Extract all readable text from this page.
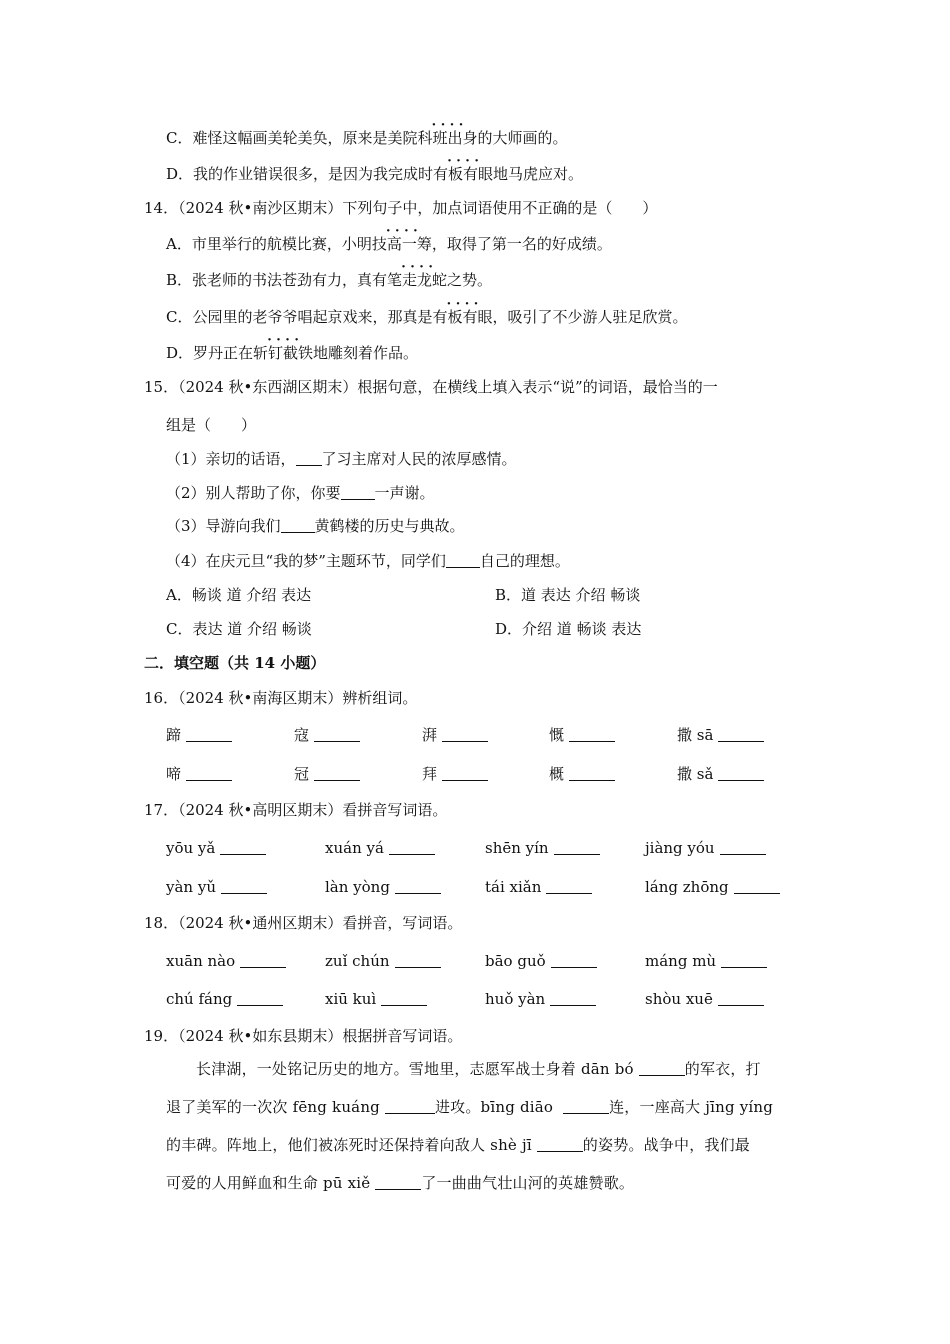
C．难怪这幅画美轮美奂，原来是美院· · · · 科班出身的大师画的。
D．我的作业错误很多，是因为我完成时· · · · 有板有眼地马虎应对。
14．（2024 秋•南沙区期末）下列句子中，加点词语使用不正确的是（　　）
A．市里举行的航模比赛，小明· · · · 技高一筹，取得了第一名的好成绩。
B．张老师的书法苍劲有力，真有· · · · 笔走龙蛇之势。
C．公园里的老爷爷唱起京戏来，那真是· · · · 有板有眼，吸引了不少游人驻足欣赏。
D．罗丹正在· · · · 斩钉截铁地雕刻着作品。
15．（2024 秋•东西湖区期末）根据句意，在横线上填入表示“说”的词语，最恰当的一
组是（　　）
（1）亲切的话语， 了习主席对人民的浓厚感情。
（2）别人帮助了你，你要 一声谢。
（3）导游向我们 黄鹤楼的历史与典故。
（4）在庆元旦“我的梦”主题环节，同学们 自己的理想。
A．畅谈 道 介绍 表达	B．道 表达 介绍 畅谈
C．表达 道 介绍 畅谈	D．介绍 道 畅谈 表达
二．填空题（共 14 小题）
16．（2024 秋•南海区期末）辨析组词。
蹄	寇	湃	慨	撒 sā
啼	冠	拜	概	撒 sǎ
17．（2024 秋•高明区期末）看拼音写词语。
yōu yǎ	xuán yá	shēn yín	jiàng yóu
yàn yǔ	làn yòng	tái xiǎn	láng zhōng
18．（2024 秋•通州区期末）看拼音，写词语。
xuān nào	zuǐ chún	bāo guǒ	máng mù
chú fáng	xiū kuì	huǒ yàn	shòu xuē
19．（2024 秋•如东县期末）根据拼音写词语。
长津湖，一处铭记历史的地方。雪地里，志愿军战士身着 dān bó	的军衣，打
退了美军的一次次 fēng kuáng	进攻。bīng diāo	连，一座高大 jīng yíng
的丰碑。阵地上，他们被冻死时还保持着向敌人 shè jī	的姿势。战争中，我们最
可爱的人用鲜血和生命 pū xiě	了一曲曲气壮山河的英雄赞歌。
